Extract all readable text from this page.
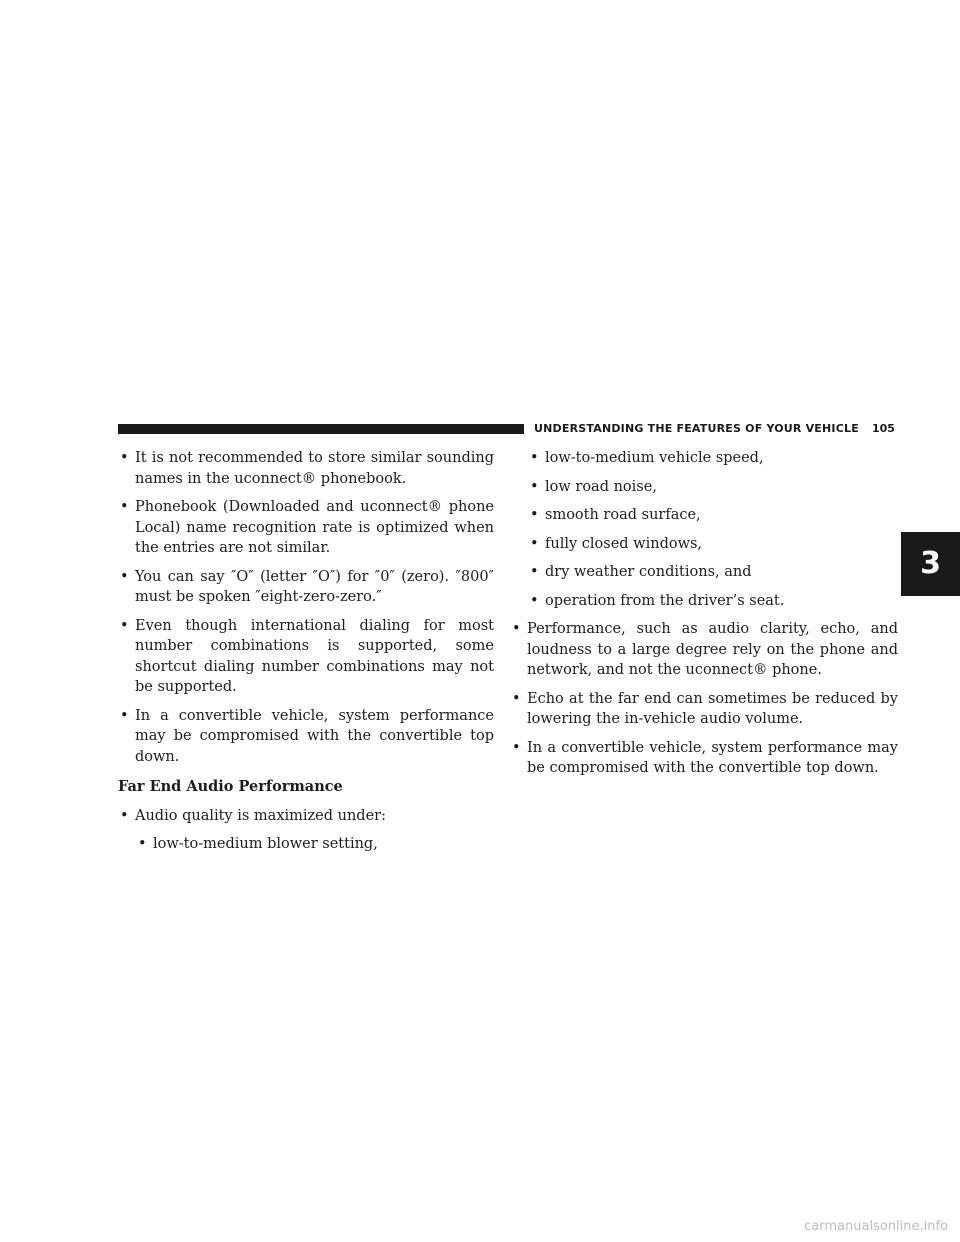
UNDERSTANDING THE FEATURES OF YOUR VEHICLE 105
3
• It is not recommended to store similar sounding names in the uconnect® phonebook.
• Phonebook (Downloaded and uconnect® phone Local) name recognition rate is optimized when the entries are not similar.
• You can say ″O″ (letter ″O″) for ″0″ (zero). ″800″ must be spoken ″eight-zero-zero.″
• Even though international dialing for most number combinations is supported, some shortcut dialing number combinations may not be supported.
• In a convertible vehicle, system performance may be compromised with the convertible top down.
Far End Audio Performance
• Audio quality is maximized under:
• low-to-medium blower setting,
• low-to-medium vehicle speed,
• low road noise,
• smooth road surface,
• fully closed windows,
• dry weather conditions, and
• operation from the driver’s seat.
• Performance, such as audio clarity, echo, and loudness to a large degree rely on the phone and network, and not the uconnect® phone.
• Echo at the far end can sometimes be reduced by lowering the in-vehicle audio volume.
• In a convertible vehicle, system performance may be compromised with the convertible top down.
carmanualsonline.info
